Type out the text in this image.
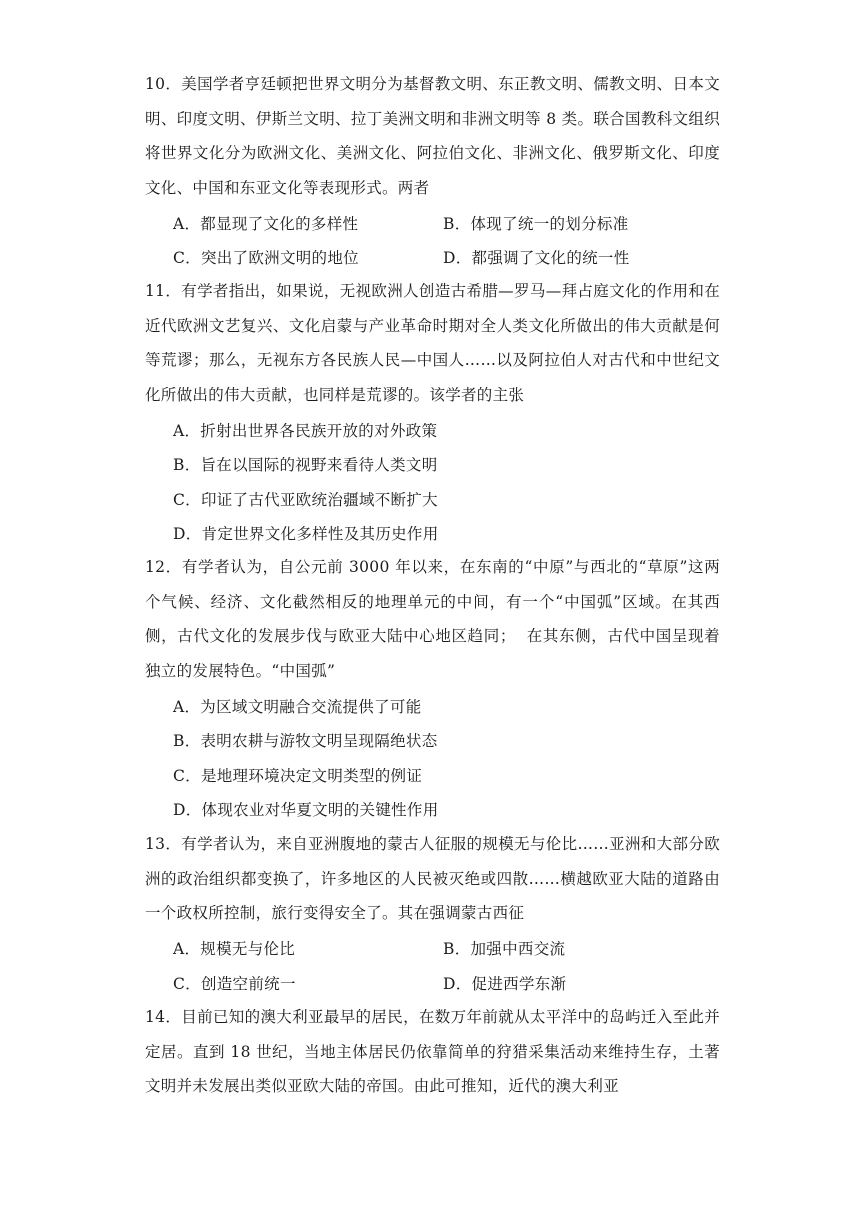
10．美国学者亨廷顿把世界文明分为基督教文明、东正教文明、儒教文明、日本文明、印度文明、伊斯兰文明、拉丁美洲文明和非洲文明等 8 类。联合国教科文组织将世界文化分为欧洲文化、美洲文化、阿拉伯文化、非洲文化、俄罗斯文化、印度文化、中国和东亚文化等表现形式。两者

A．都显现了文化的多样性	B．体现了统一的划分标准
C．突出了欧洲文明的地位	D．都强调了文化的统一性

11．有学者指出，如果说，无视欧洲人创造古希腊—罗马—拜占庭文化的作用和在近代欧洲文艺复兴、文化启蒙与产业革命时期对全人类文化所做出的伟大贡献是何等荒谬；那么，无视东方各民族人民—中国人……以及阿拉伯人对古代和中世纪文化所做出的伟大贡献，也同样是荒谬的。该学者的主张

A．折射出世界各民族开放的对外政策
B．旨在以国际的视野来看待人类文明
C．印证了古代亚欧统治疆域不断扩大
D．肯定世界文化多样性及其历史作用

12．有学者认为，自公元前 3000 年以来，在东南的“中原”与西北的“草原”这两个气候、经济、文化截然相反的地理单元的中间，有一个“中国弧”区域。在其西侧，古代文化的发展步伐与欧亚大陆中心地区趋同；  在其东侧，古代中国呈现着独立的发展特色。“中国弧”

A．为区域文明融合交流提供了可能
B．表明农耕与游牧文明呈现隔绝状态
C．是地理环境决定文明类型的例证
D．体现农业对华夏文明的关键性作用

13．有学者认为，来自亚洲腹地的蒙古人征服的规模无与伦比……亚洲和大部分欧洲的政治组织都变换了，许多地区的人民被灭绝或四散……横越欧亚大陆的道路由一个政权所控制，旅行变得安全了。其在强调蒙古西征

A．规模无与伦比	B．加强中西交流
C．创造空前统一	D．促进西学东渐

14．目前已知的澳大利亚最早的居民，在数万年前就从太平洋中的岛屿迁入至此并定居。直到 18 世纪，当地主体居民仍依靠简单的狩猎采集活动来维持生存，土著文明并未发展出类似亚欧大陆的帝国。由此可推知，近代的澳大利亚
